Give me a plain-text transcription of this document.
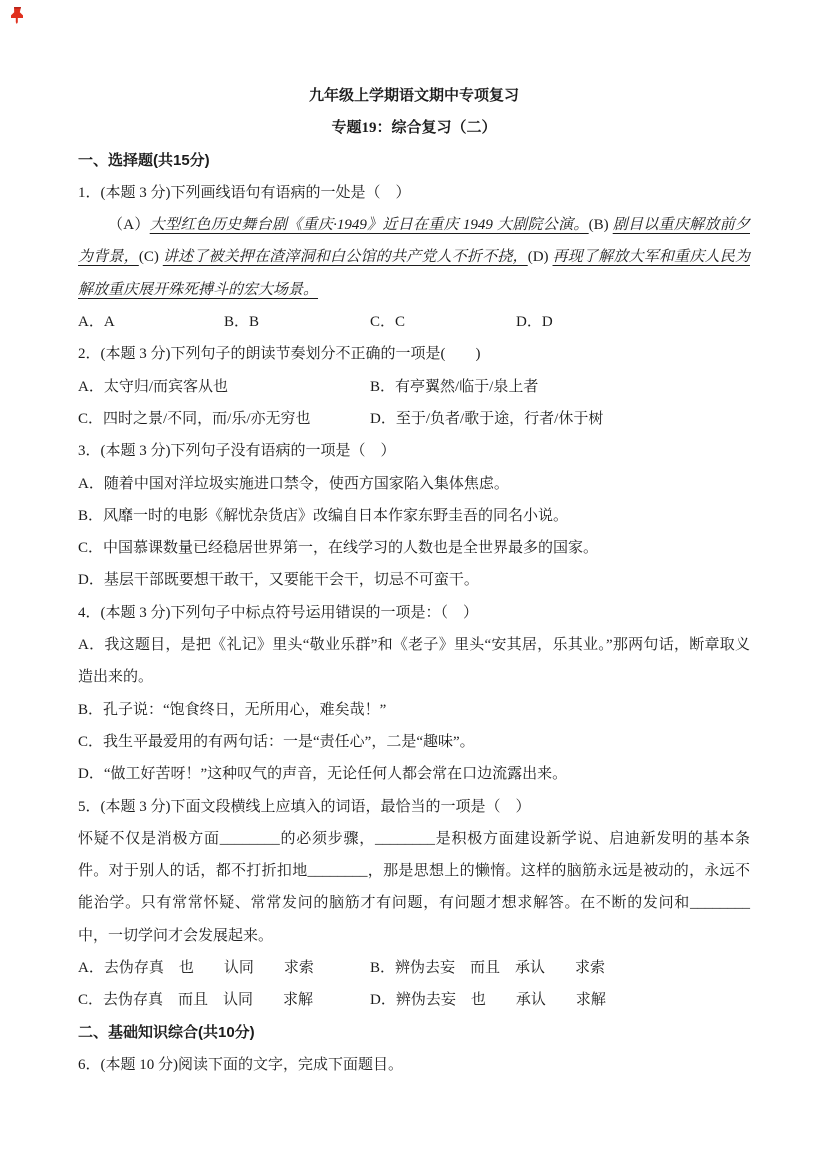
九年级上学期语文期中专项复习
专题19：综合复习（二）
一、选择题(共15分)
1．(本题 3 分)下列画线语句有语病的一处是（　）
（A）大型红色历史舞台剧《重庆·1949》近日在重庆 1949 大剧院公演。(B) 剧目以重庆解放前夕为背景，(C) 讲述了被关押在渣滓洞和白公馆的共产党人不折不挠，(D) 再现了解放大军和重庆人民为解放重庆展开殊死搏斗的宏大场景。
A．A	B．B	C．C	D．D
2．(本题 3 分)下列句子的朗读节奏划分不正确的一项是(　　)
A．太守归/而宾客从也	B．有亭翼然/临于/泉上者
C．四时之景/不同，而/乐/亦无穷也	D．至于/负者/歌于途，行者/休于树
3．(本题 3 分)下列句子没有语病的一项是（　）
A．随着中国对洋垃圾实施进口禁令，使西方国家陷入集体焦虑。
B．风靡一时的电影《解忧杂货店》改编自日本作家东野圭吾的同名小说。
C．中国慕课数量已经稳居世界第一，在线学习的人数也是全世界最多的国家。
D．基层干部既要想干敢干，又要能干会干，切忌不可蛮干。
4．(本题 3 分)下列句子中标点符号运用错误的一项是：（　）
A．我这题目，是把《礼记》里头“敬业乐群”和《老子》里头“安其居，乐其业。”那两句话，断章取义造出来的。
B．孔子说：“饱食终日，无所用心，难矣哉！”
C．我生平最爱用的有两句话：一是“责任心”，二是“趣味”。
D．“做工好苦呀！”这种叹气的声音，无论任何人都会常在口边流露出来。
5．(本题 3 分)下面文段横线上应填入的词语，最恰当的一项是（　）
怀疑不仅是消极方面________的必须步骤，________是积极方面建设新学说、启迪新发明的基本条件。对于别人的话，都不打折扣地________，那是思想上的懒惰。这样的脑筋永远是被动的，永远不能治学。只有常常怀疑、常常发问的脑筋才有问题，有问题才想求解答。在不断的发问和________中，一切学问才会发展起来。
A．去伪存真　也　　认同　　求索	B．辨伪去妄　而且　承认　　求索
C．去伪存真　而且　认同　　求解	D．辨伪去妄　也　　承认　　求解
二、基础知识综合(共10分)
6．(本题 10 分)阅读下面的文字，完成下面题目。
